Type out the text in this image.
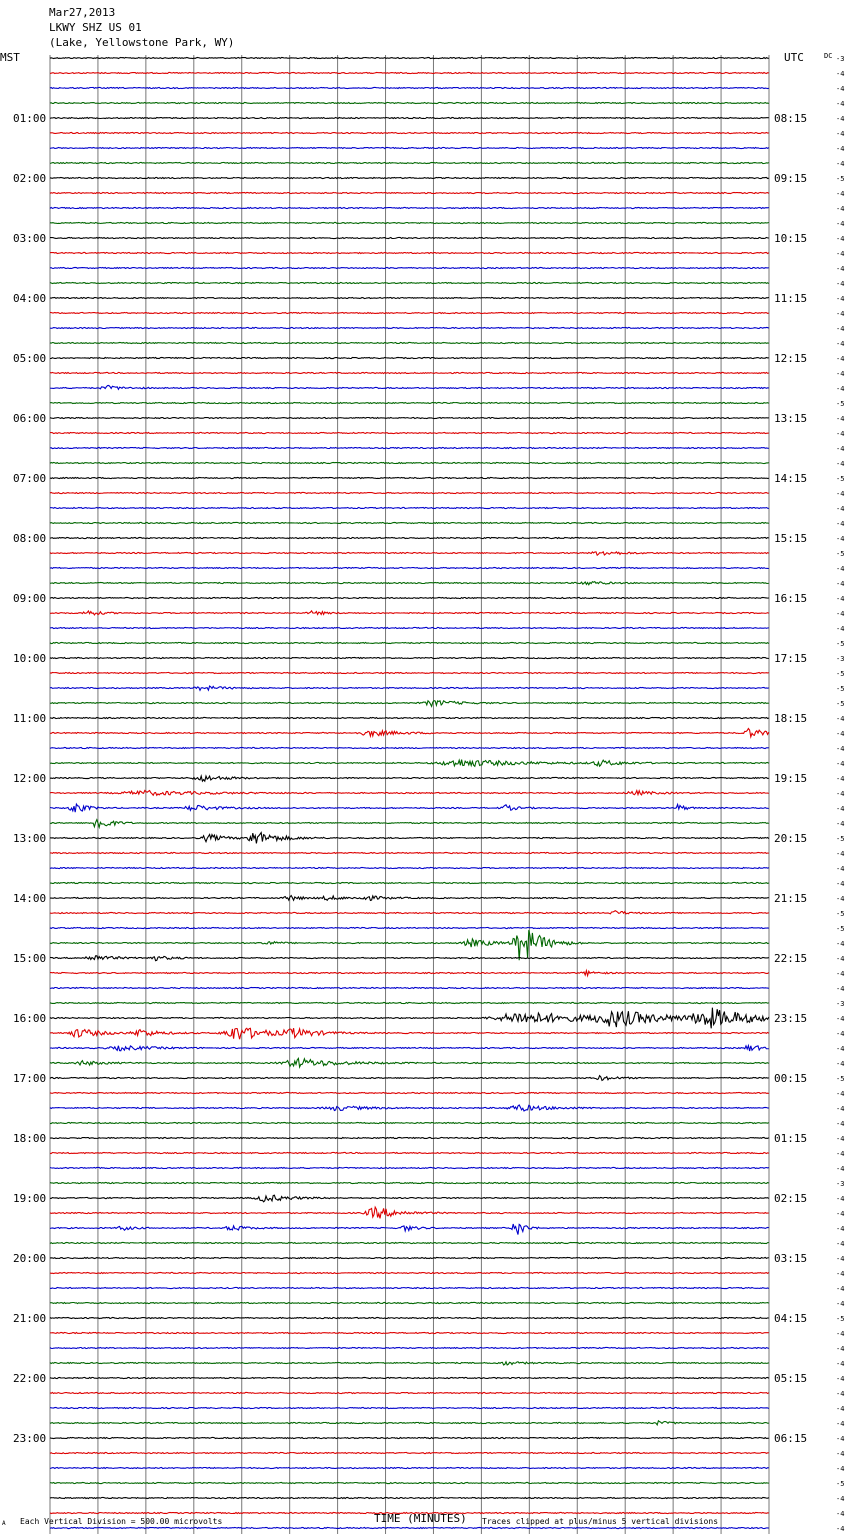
Mar27,2013
LKWY SHZ US 01
(Lake, Yellowstone Park, WY)
MST	UTC	DC
01:00
02:00
03:00
04:00
05:00
06:00
07:00
08:00
09:00
10:00
11:00
12:00
13:00
14:00
15:00
16:00
17:00
18:00
19:00
20:00
21:00
22:00
23:00
08:15
09:15
10:15
11:15
12:15
13:15
14:15
15:15
16:15
17:15
18:15
19:15
20:15
21:15
22:15
23:15
00:15
01:15
02:15
03:15
04:15
05:15
06:15
-3
-4
-4
-4
-4
-4
-4
-4
-5
-4
-4
-4
-4
-4
-4
-4
-4
-4
-4
-4
-4
-4
-4
-5
-4
-4
-4
-4
-5
-4
-4
-4
-4
-5
-4
-4
-4
-4
-4
-5
-3
-5
-5
-5
-4
-4
-4
-4
-4
-4
-4
-4
-5
-4
-4
-4
-4
-5
-5
-4
-4
-4
-4
-3
-4
-4
-4
-4
-5
-4
-4
-4
-4
-4
-4
-3
-4
-4
-4
-4
-4
-4
-4
-4
-5
-4
-4
-4
-4
-4
-4
-4
-4
-4
-4
-5
-4
-4
-4
TIME (MINUTES)
A Each Vertical Division = 500.00 microvolts	Traces clipped at plus/minus 5 vertical divisions
